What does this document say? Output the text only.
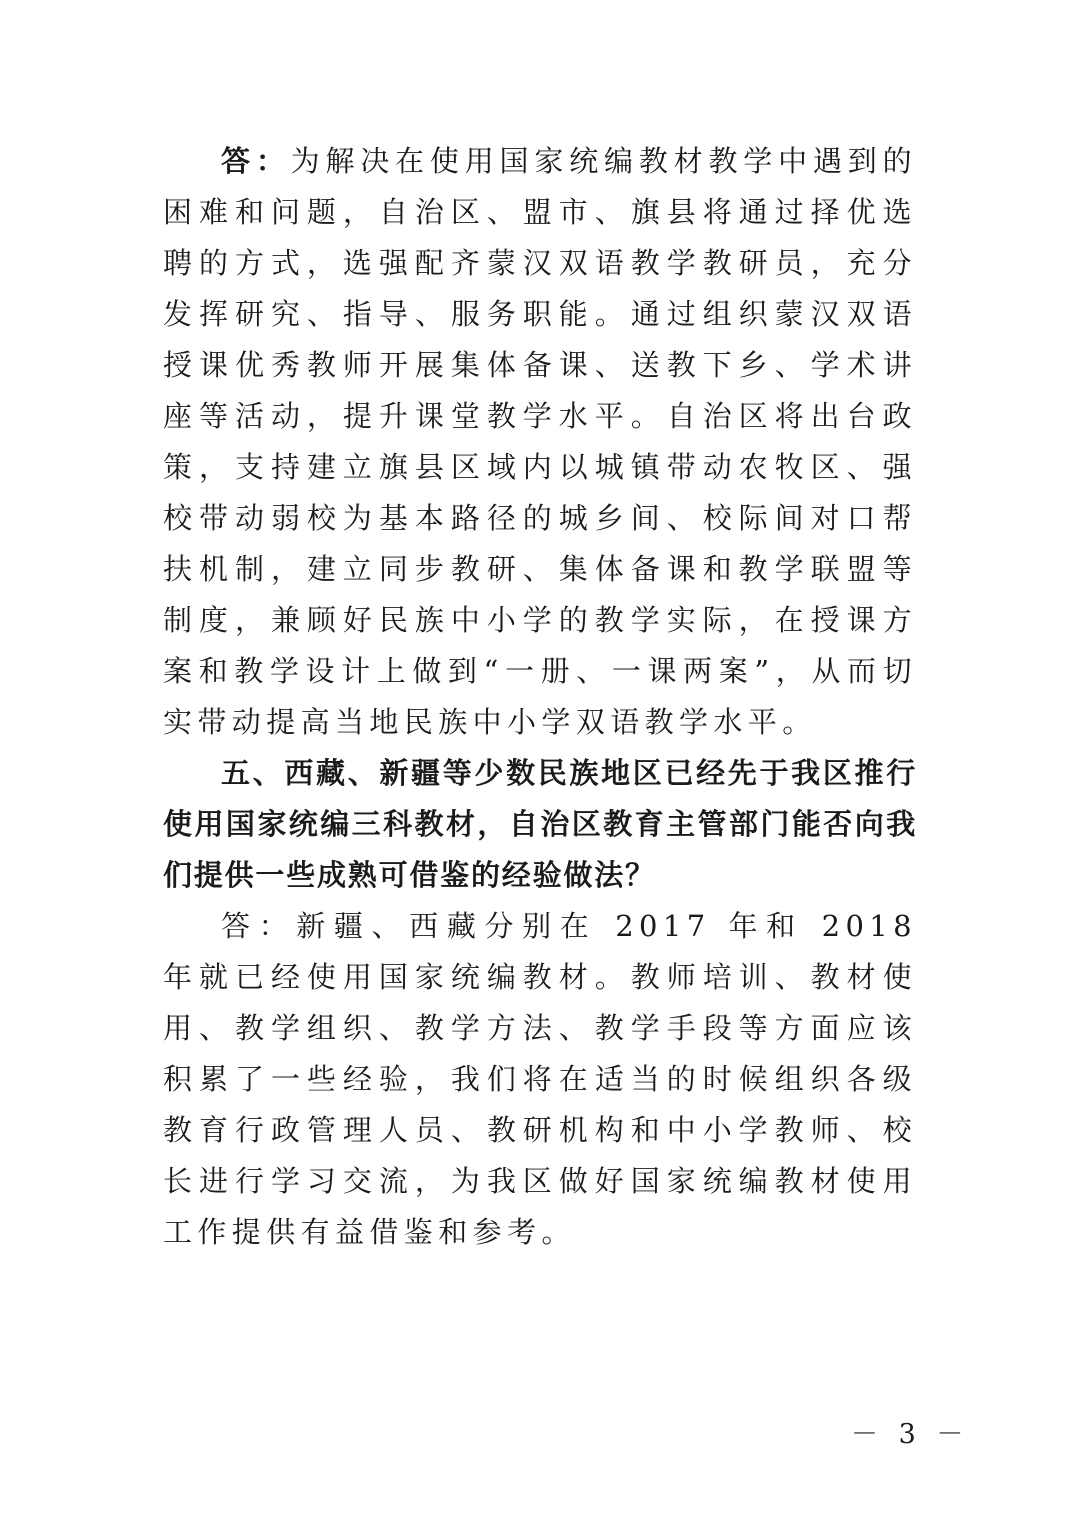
答：为解决在使用国家统编教材教学中遇到的困难和问题，自治区、盟市、旗县将通过择优选聘的方式，选强配齐蒙汉双语教学教研员，充分发挥研究、指导、服务职能。通过组织蒙汉双语授课优秀教师开展集体备课、送教下乡、学术讲座等活动，提升课堂教学水平。自治区将出台政策，支持建立旗县区域内以城镇带动农牧区、强校带动弱校为基本路径的城乡间、校际间对口帮扶机制，建立同步教研、集体备课和教学联盟等制度，兼顾好民族中小学的教学实际，在授课方案和教学设计上做到“一册、一课两案”，从而切实带动提高当地民族中小学双语教学水平。

五、西藏、新疆等少数民族地区已经先于我区推行使用国家统编三科教材，自治区教育主管部门能否向我们提供一些成熟可借鉴的经验做法？

答：新疆、西藏分别在 2017 年和 2018 年就已经使用国家统编教材。教师培训、教材使用、教学组织、教学方法、教学手段等方面应该积累了一些经验，我们将在适当的时候组织各级教育行政管理人员、教研机构和中小学教师、校长进行学习交流，为我区做好国家统编教材使用工作提供有益借鉴和参考。

－ 3 －
